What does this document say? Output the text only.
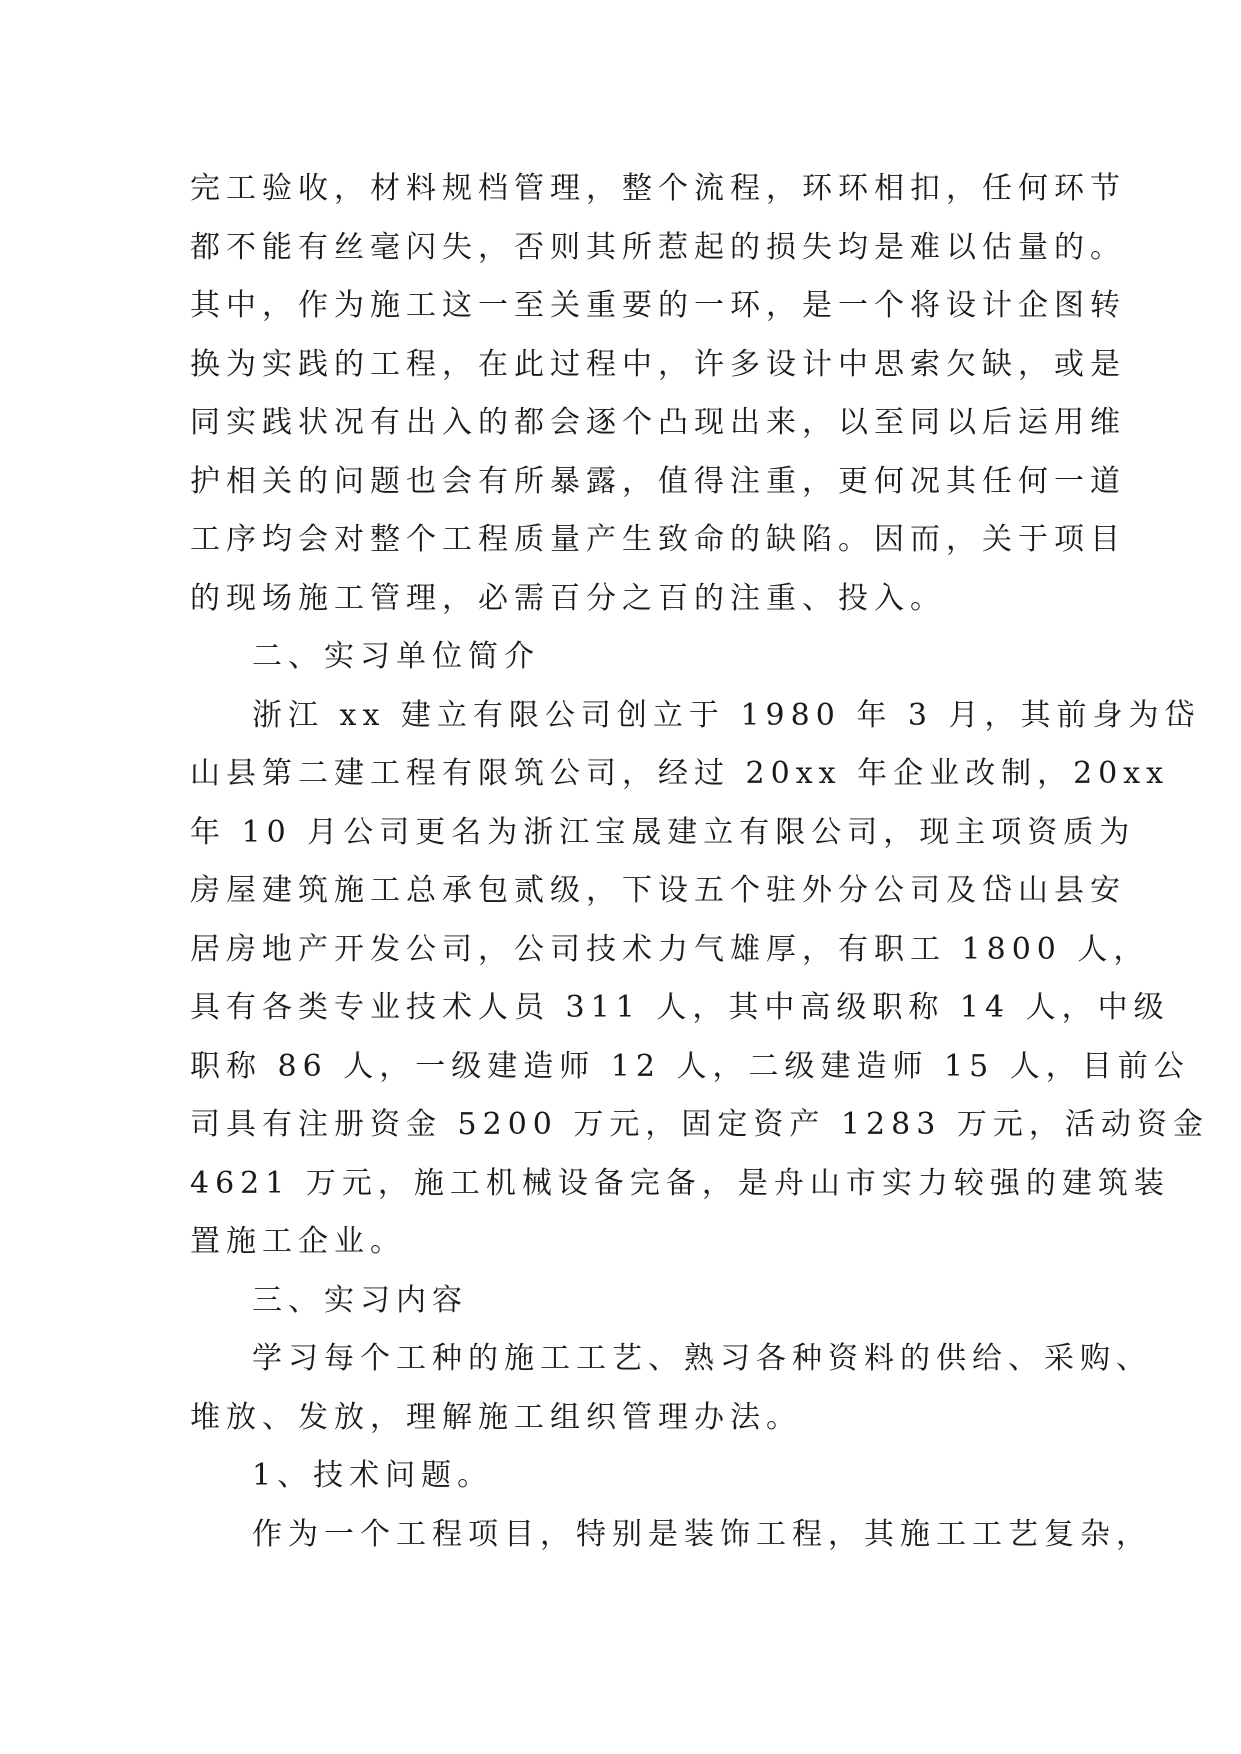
完工验收，材料规档管理，整个流程，环环相扣，任何环节
都不能有丝毫闪失，否则其所惹起的损失均是难以估量的。
其中，作为施工这一至关重要的一环，是一个将设计企图转
换为实践的工程，在此过程中，许多设计中思索欠缺，或是
同实践状况有出入的都会逐个凸现出来，以至同以后运用维
护相关的问题也会有所暴露，值得注重，更何况其任何一道
工序均会对整个工程质量产生致命的缺陷。因而，关于项目
的现场施工管理，必需百分之百的注重、投入。
二、实习单位简介
浙江 xx 建立有限公司创立于 1980 年 3 月，其前身为岱
山县第二建工程有限筑公司，经过 20xx 年企业改制，20xx
年 10 月公司更名为浙江宝晟建立有限公司，现主项资质为
房屋建筑施工总承包贰级，下设五个驻外分公司及岱山县安
居房地产开发公司，公司技术力气雄厚，有职工 1800 人，
具有各类专业技术人员 311 人，其中高级职称 14 人，中级
职称 86 人，一级建造师 12 人，二级建造师 15 人，目前公
司具有注册资金 5200 万元，固定资产 1283 万元，活动资金
4621 万元，施工机械设备完备，是舟山市实力较强的建筑装
置施工企业。
三、实习内容
学习每个工种的施工工艺、熟习各种资料的供给、采购、
堆放、发放，理解施工组织管理办法。
1、技术问题。
作为一个工程项目，特别是装饰工程，其施工工艺复杂，
